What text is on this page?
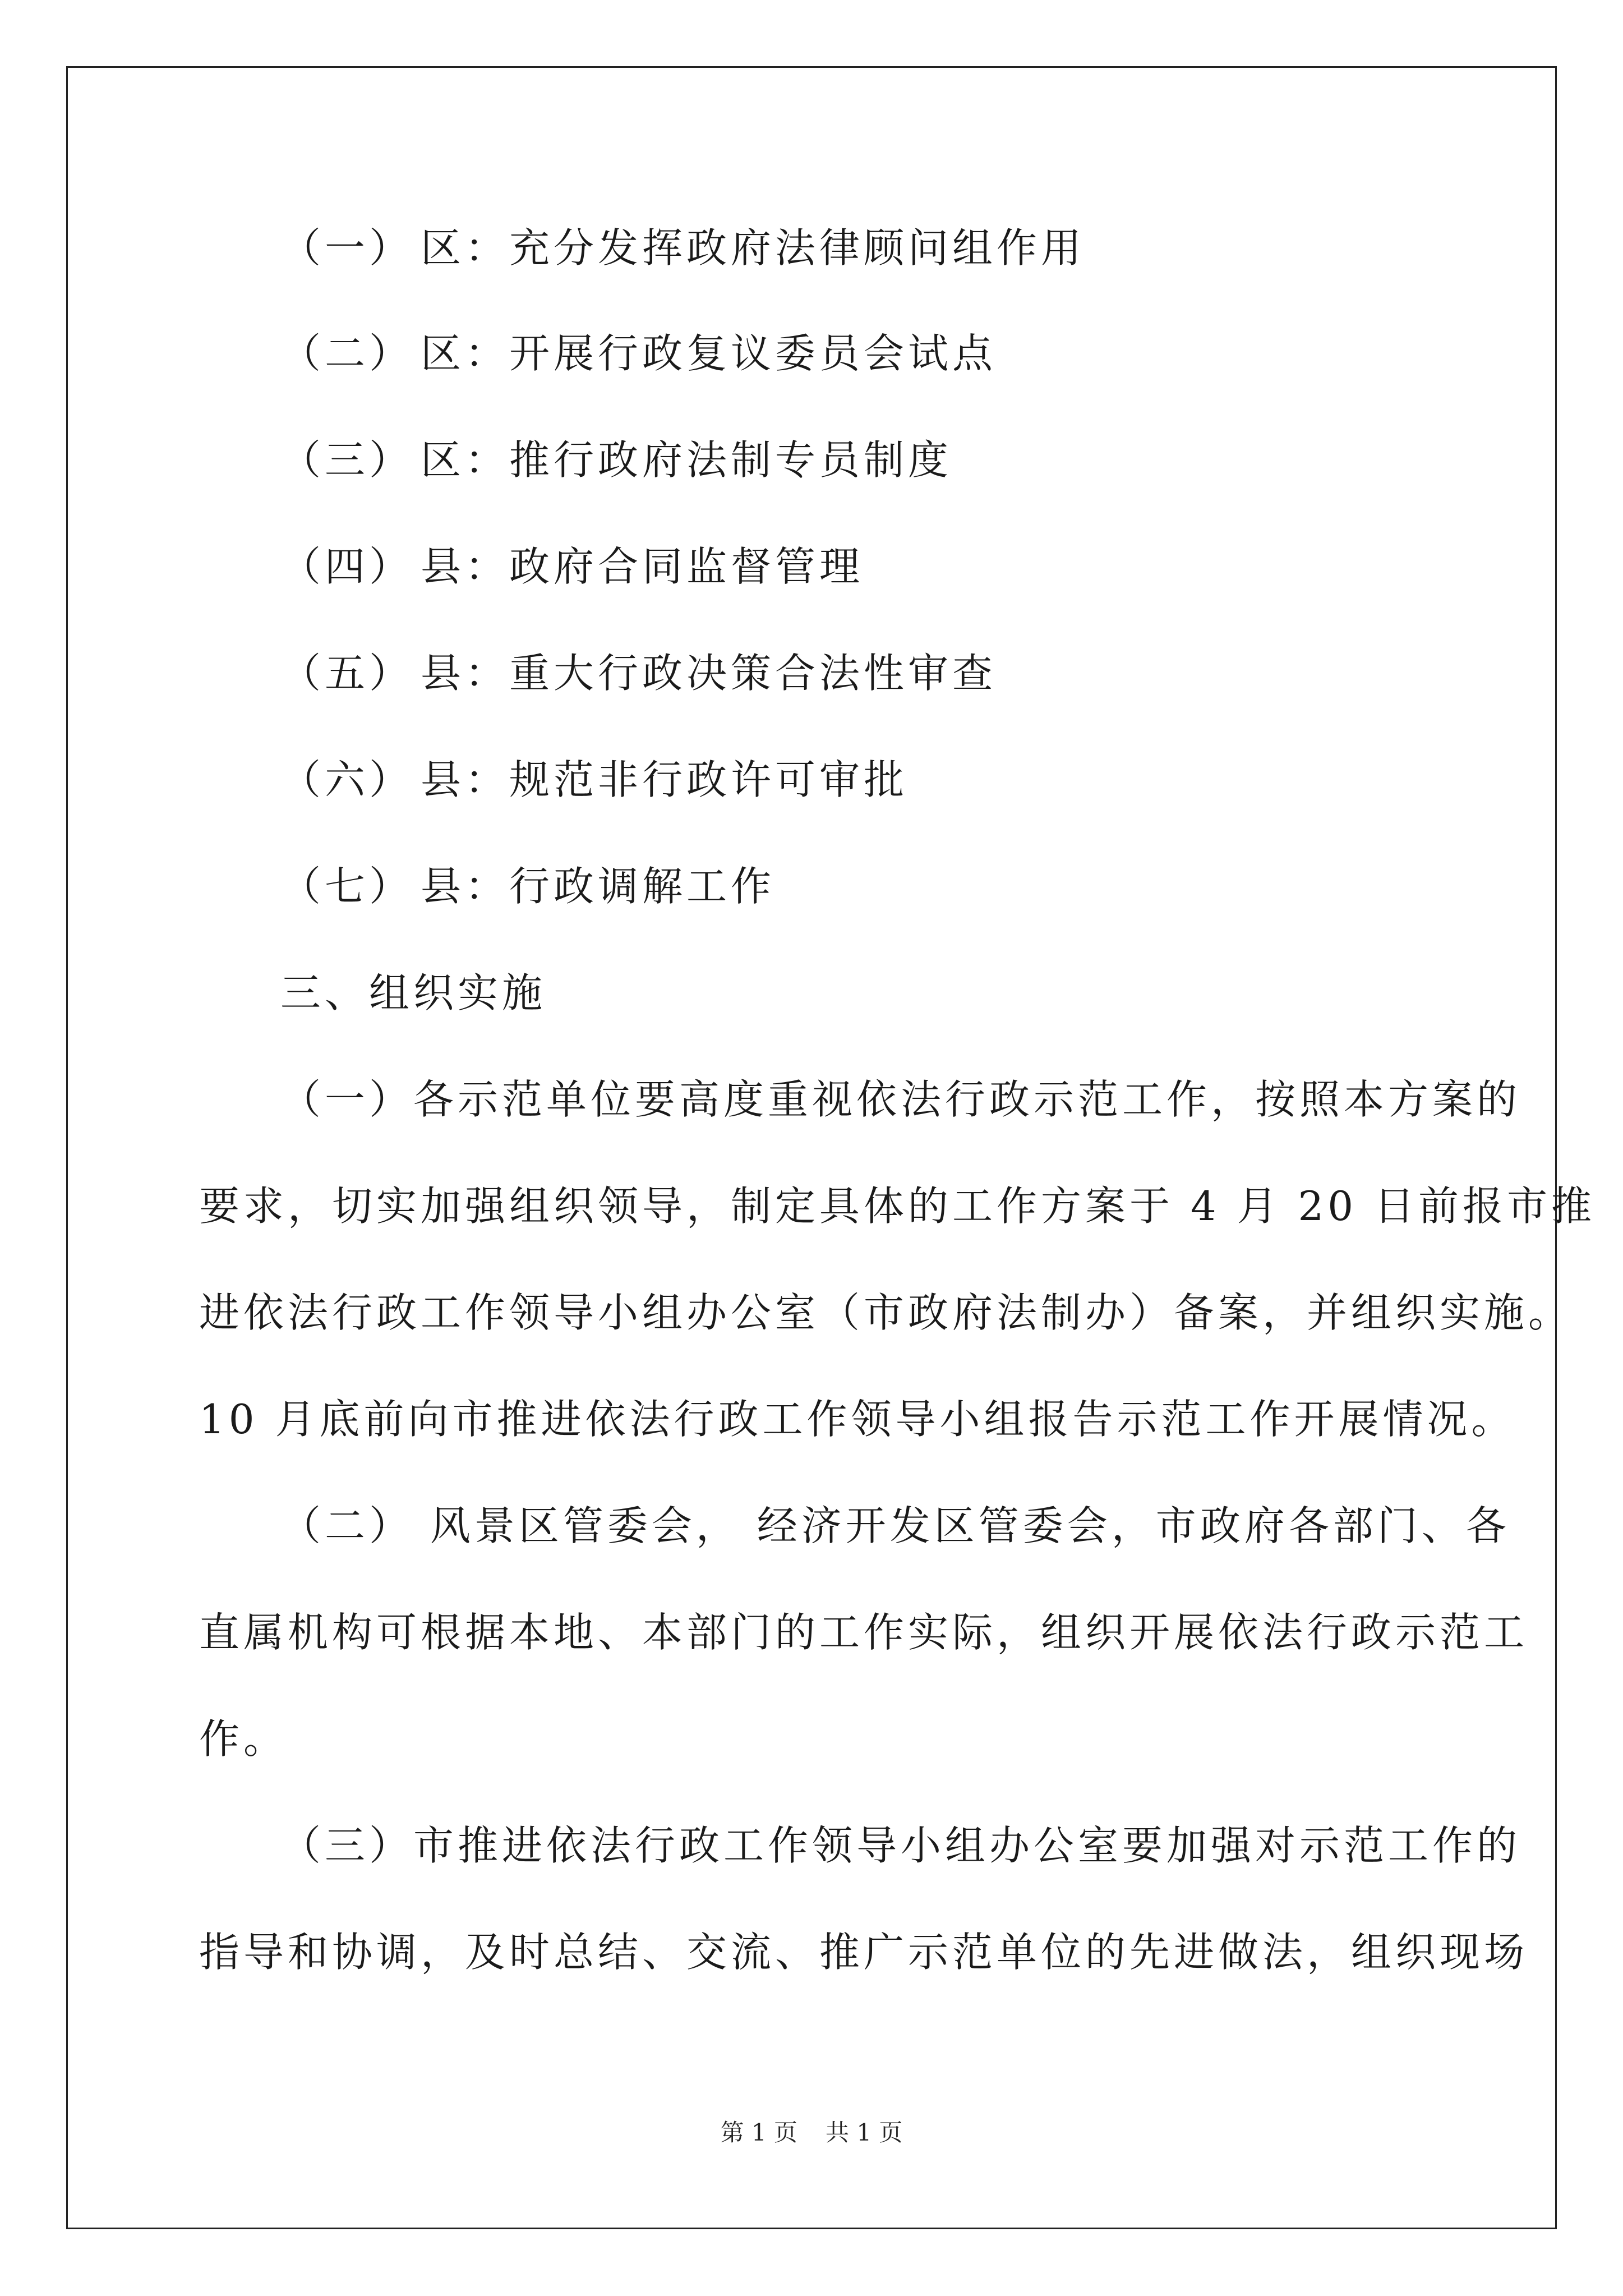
（一） 区：充分发挥政府法律顾问组作用
（二） 区：开展行政复议委员会试点
（三） 区：推行政府法制专员制度
（四） 县：政府合同监督管理
（五） 县：重大行政决策合法性审查
（六） 县：规范非行政许可审批
（七） 县：行政调解工作
三、组织实施
（一）各示范单位要高度重视依法行政示范工作，按照本方案的
要求，切实加强组织领导，制定具体的工作方案于 4 月 20 日前报市推
进依法行政工作领导小组办公室（市政府法制办）备案，并组织实施。
10 月底前向市推进依法行政工作领导小组报告示范工作开展情况。
（二） 风景区管委会， 经济开发区管委会，市政府各部门、各
直属机构可根据本地、本部门的工作实际，组织开展依法行政示范工
作。
（三）市推进依法行政工作领导小组办公室要加强对示范工作的
指导和协调，及时总结、交流、推广示范单位的先进做法，组织现场
第 1 页 共 1 页
